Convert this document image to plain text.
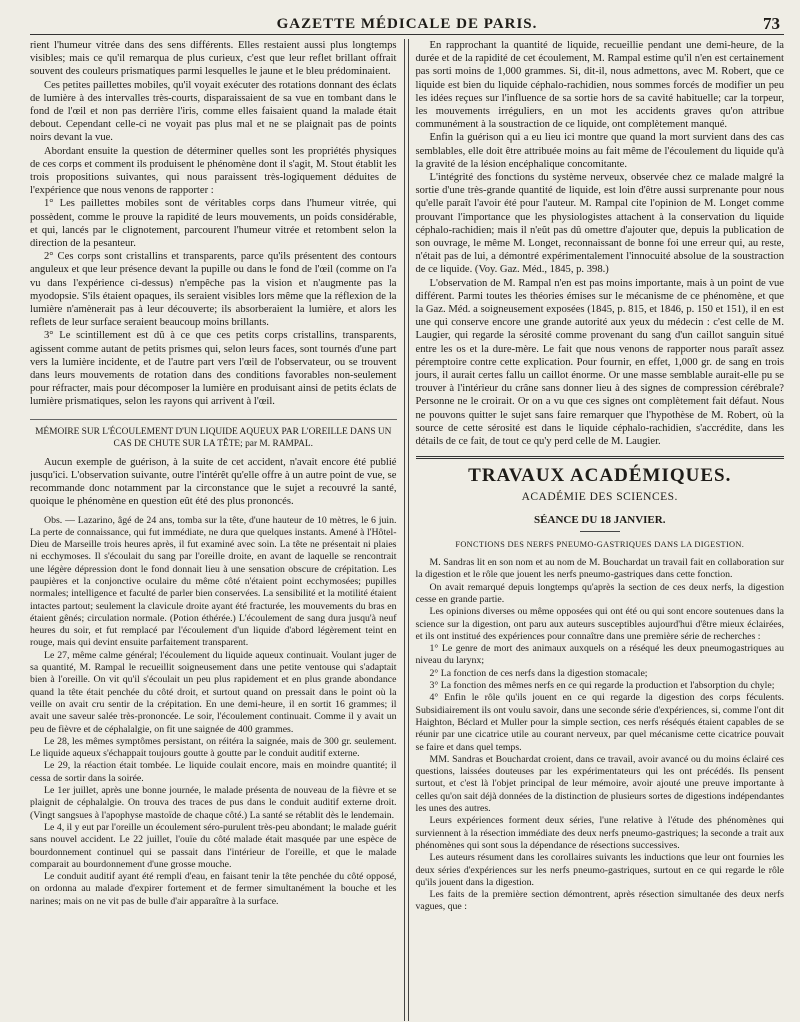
GAZETTE MÉDICALE DE PARIS.	73

rient l'humeur vitrée dans des sens différents. Elles restaient aussi plus longtemps visibles; mais ce qu'il remarqua de plus curieux, c'est que leur reflet brillant offrait souvent des couleurs prismatiques parmi lesquelles le jaune et le bleu prédominaient.

Ces petites paillettes mobiles, qu'il voyait exécuter des rotations donnant des éclats de lumière à des intervalles très-courts, disparaissaient de sa vue en tombant dans le fond de l'œil et non pas derrière l'iris, comme elles faisaient quand la malade était debout. Cependant celle-ci ne voyait pas plus mal et ne se plaignait pas de points noirs devant la vue.

Abordant ensuite la question de déterminer quelles sont les propriétés physiques de ces corps et comment ils produisent le phénomène dont il s'agit, M. Stout établit les trois propositions suivantes, qui nous paraissent très-logiquement déduites de l'expérience que nous venons de rapporter :

1° Les paillettes mobiles sont de véritables corps dans l'humeur vitrée, qui possèdent, comme le prouve la rapidité de leurs mouvements, un poids considérable, et qui, lancés par le clignotement, parcourent l'humeur vitrée et retombent selon la direction de la pesanteur.

2° Ces corps sont cristallins et transparents, parce qu'ils présentent des contours anguleux et que leur présence devant la pupille ou dans le fond de l'œil (comme on l'a vu dans l'expérience ci-dessus) n'empêche pas la vision et n'augmente pas la myodopsie. S'ils étaient opaques, ils seraient visibles lors même que la réflexion de la lumière n'amènerait pas à leur découverte; ils absorberaient la lumière, et alors les reflets de leur surface seraient beaucoup moins brillants.

3° Le scintillement est dû à ce que ces petits corps cristallins, transparents, agissent comme autant de petits prismes qui, selon leurs faces, sont tournés d'une part vers la lumière incidente, et de l'autre part vers l'œil de l'observateur, ou se trouvent dans leurs mouvements de rotation dans des conditions favorables non-seulement pour réfracter, mais pour décomposer la lumière en produisant ainsi de petits éclats de lumière prismatiques, selon les rayons qui arrivent à l'œil.

MÉMOIRE SUR L'ÉCOULEMENT D'UN LIQUIDE AQUEUX PAR L'OREILLE DANS UN CAS DE CHUTE SUR LA TÊTE; par M. RAMPAL.

Aucun exemple de guérison, à la suite de cet accident, n'avait encore été publié jusqu'ici. L'observation suivante, outre l'intérêt qu'elle offre à un autre point de vue, se recommande donc notamment par la circonstance que le sujet a recouvré la santé, quoique le phénomène en question eût été des plus prononcés.

Obs. — Lazarino, âgé de 24 ans, tomba sur la tête, d'une hauteur de 10 mètres, le 6 juin. La perte de connaissance, qui fut immédiate, ne dura que quelques instants. Amené à l'Hôtel-Dieu de Marseille trois heures après, il fut examiné avec soin. La tête ne présentait ni plaies ni ecchymoses. Il s'écoulait du sang par l'oreille droite, en avant de laquelle se rencontrait une légère dépression dont le fond donnait lieu à une sensation obscure de crépitation. Les paupières et la conjonctive oculaire du même côté n'étaient point ecchymosées; pupilles normales; intelligence et faculté de parler bien conservées. La sensibilité et la motilité étaient intactes partout; seulement la clavicule droite ayant été fracturée, les mouvements du bras en étaient gênés; circulation normale. (Potion éthérée.) L'écoulement de sang dura jusqu'à neuf heures du soir, et fut remplacé par l'écoulement d'un liquide d'abord légèrement teint en rouge, mais qui devint ensuite parfaitement transparent.

Le 27, même calme général; l'écoulement du liquide aqueux continuait. Voulant juger de sa quantité, M. Rampal le recueillit soigneusement dans une petite ventouse qui s'adaptait bien à l'oreille. On vit qu'il s'écoulait un peu plus rapidement et en plus grande abondance quand la tête était penchée du côté droit, et surtout quand on pressait dans le point où la veille on avait cru sentir de la crépitation. En une demi-heure, il en sortit 16 grammes; il avait une saveur salée très-prononcée. Le soir, l'écoulement continuait. Comme il y avait un peu de fièvre et de céphalalgie, on fit une saignée de 400 grammes.

Le 28, les mêmes symptômes persistant, on réitéra la saignée, mais de 300 gr. seulement. Le liquide aqueux s'échappait toujours goutte à goutte par le conduit auditif externe.

Le 29, la réaction était tombée. Le liquide coulait encore, mais en moindre quantité; il cessa de sortir dans la soirée.

Le 1er juillet, après une bonne journée, le malade présenta de nouveau de la fièvre et se plaignit de céphalalgie. On trouva des traces de pus dans le conduit auditif externe droit. (Vingt sangsues à l'apophyse mastoïde de chaque côté.) La santé se rétablit dès le lendemain.

Le 4, il y eut par l'oreille un écoulement séro-purulent très-peu abondant; le malade guérit sans nouvel accident. Le 22 juillet, l'ouïe du côté malade était masquée par une espèce de bourdonnement continuel qui se passait dans l'intérieur de l'oreille, et que le malade comparait au bourdonnement d'une grosse mouche.

Le conduit auditif ayant été rempli d'eau, en faisant tenir la tête penchée du côté opposé, on ordonna au malade d'expirer fortement et de fermer simultanément la bouche et les narines; mais on ne vit pas de bulle d'air apparaître à la surface.

En rapprochant la quantité de liquide, recueillie pendant une demi-heure, de la durée et de la rapidité de cet écoulement, M. Rampal estime qu'il n'en est certainement pas sorti moins de 1,000 grammes. Si, dit-il, nous admettons, avec M. Robert, que ce liquide est bien du liquide céphalo-rachidien, nous sommes forcés de modifier un peu les idées reçues sur l'influence de sa sortie hors de sa cavité habituelle; car la torpeur, les mouvements irréguliers, en un mot les accidents graves qu'on attribue communément à la soustraction de ce liquide, ont complètement manqué.

Enfin la guérison qui a eu lieu ici montre que quand la mort survient dans des cas semblables, elle doit être attribuée moins au fait même de l'écoulement du liquide qu'à la gravité de la lésion encéphalique concomitante.

L'intégrité des fonctions du système nerveux, observée chez ce malade malgré la sortie d'une très-grande quantité de liquide, est loin d'être aussi surprenante pour nous qu'elle paraît l'avoir été pour l'auteur. M. Rampal cite l'opinion de M. Longet comme prouvant l'importance que les physiologistes attachent à la conservation du liquide céphalo-rachidien; mais il n'eût pas dû omettre d'ajouter que, depuis la publication de son ouvrage, le même M. Longet, reconnaissant de bonne foi une erreur qui, au reste, n'était pas de lui, a démontré expérimentalement l'innocuité absolue de la soustraction de ce liquide. (Voy. Gaz. Méd., 1845, p. 398.)

L'observation de M. Rampal n'en est pas moins importante, mais à un point de vue différent. Parmi toutes les théories émises sur le mécanisme de ce phénomène, et que la Gaz. Méd. a soigneusement exposées (1845, p. 815, et 1846, p. 150 et 151), il en est une qui conserve encore une grande autorité aux yeux du médecin : c'est celle de M. Laugier, qui regarde la sérosité comme provenant du sang d'un caillot sanguin situé entre les os et la dure-mère. Le fait que nous venons de rapporter nous paraît assez péremptoire contre cette explication. Pour fournir, en effet, 1,000 gr. de sang en trois jours, il aurait certes fallu un caillot énorme. Or une masse semblable aurait-elle pu se trouver à l'intérieur du crâne sans donner lieu à des signes de compression cérébrale? Personne ne le croirait. Or on a vu que ces signes ont complètement fait défaut. Nous ne pouvons quitter le sujet sans faire remarquer que l'hypothèse de M. Robert, où la source de cette sérosité est dans le liquide céphalo-rachidien, s'accrédite, dans les détails de ce fait, de tout ce qu'y perd celle de M. Laugier.

TRAVAUX ACADÉMIQUES.
ACADÉMIE DES SCIENCES.
SÉANCE DU 18 JANVIER.
FONCTIONS DES NERFS PNEUMO-GASTRIQUES DANS LA DIGESTION.

M. Sandras lit en son nom et au nom de M. Bouchardat un travail fait en collaboration sur la digestion et le rôle que jouent les nerfs pneumo-gastriques dans cette fonction.

On avait remarqué depuis longtemps qu'après la section de ces deux nerfs, la digestion cesse en grande partie.

Les opinions diverses ou même opposées qui ont été ou qui sont encore soutenues dans la science sur la digestion, ont paru aux auteurs susceptibles aujourd'hui d'être mieux éclairées, et ils ont institué des expériences pour connaître dans une première série de recherches :

1° Le genre de mort des animaux auxquels on a réséqué les deux pneumogastriques au niveau du larynx;

2° La fonction de ces nerfs dans la digestion stomacale;

3° La fonction des mêmes nerfs en ce qui regarde la production et l'absorption du chyle;

4° Enfin le rôle qu'ils jouent en ce qui regarde la digestion des corps féculents. Subsidiairement ils ont voulu savoir, dans une seconde série d'expériences, si, comme l'ont dit Haighton, Béclard et Muller pour la simple section, ces nerfs réséqués étaient capables de se réunir par une cicatrice utile au courant nerveux, par quel mécanisme cette cicatrice pouvait se faire et dans quel temps.

MM. Sandras et Bouchardat croient, dans ce travail, avoir avancé ou du moins éclairé ces questions, laissées douteuses par les expérimentateurs qui les ont précédés. Ils pensent surtout, et c'est là l'objet principal de leur mémoire, avoir ajouté une preuve importante à celles qu'on sait déjà données de la distinction de plusieurs sortes de digestions indépendantes les unes des autres.

Leurs expériences forment deux séries, l'une relative à l'étude des phénomènes qui surviennent à la résection immédiate des deux nerfs pneumo-gastriques; la seconde a trait aux phénomènes qui sont sous la dépendance de résections successives.

Les auteurs résument dans les corollaires suivants les inductions que leur ont fournies les deux séries d'expériences sur les nerfs pneumo-gastriques, surtout en ce qui regarde le rôle qu'ils jouent dans la digestion.

Les faits de la première section démontrent, après résection simultanée des deux nerfs vagues, que :
